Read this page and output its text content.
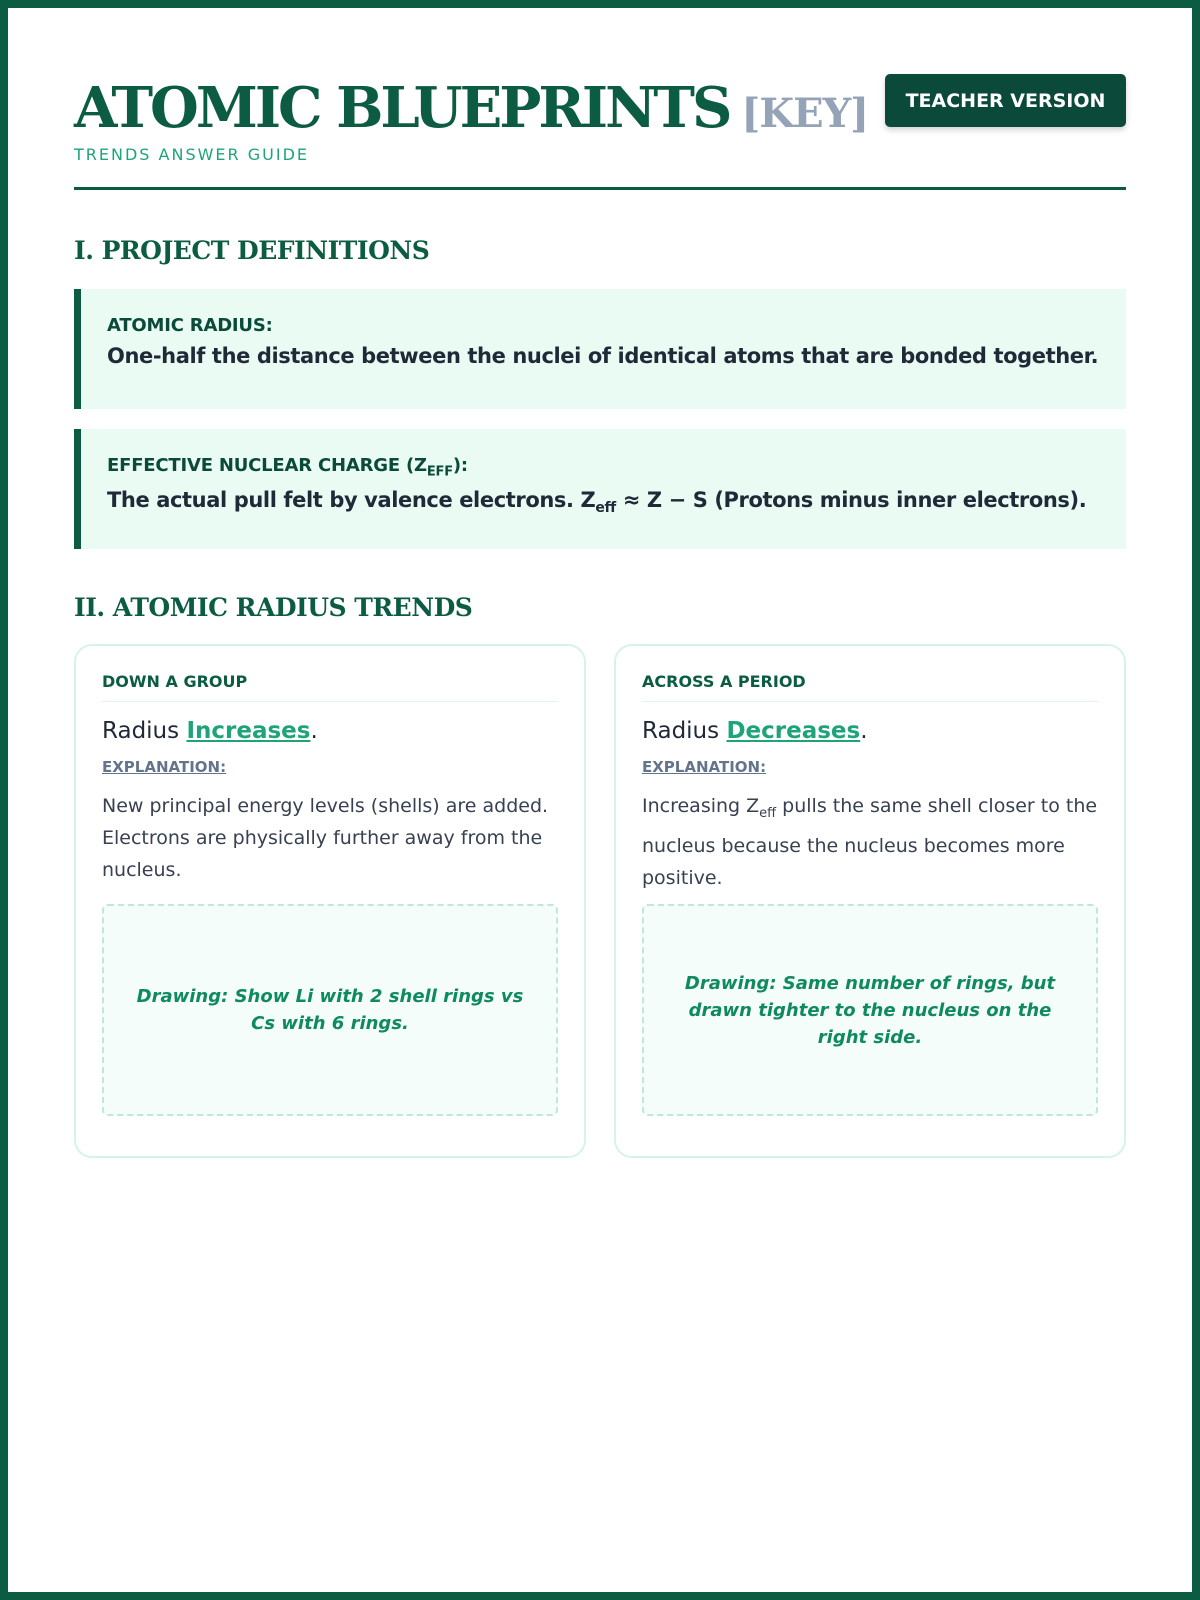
ATOMIC BLUEPRINTS [KEY]
TRENDS ANSWER GUIDE
TEACHER VERSION
I. PROJECT DEFINITIONS
ATOMIC RADIUS:
One-half the distance between the nuclei of identical atoms that are bonded together.
EFFECTIVE NUCLEAR CHARGE $(Z_{EFF})$:
The actual pull felt by valence electrons. $Z_{eff} \approx Z - S$ (Protons minus inner electrons).
II. ATOMIC RADIUS TRENDS
DOWN A GROUP
Radius Increases.
EXPLANATION:
New principal energy levels (shells) are added. Electrons are physically further away from the nucleus.
Drawing: Show Li with 2 shell rings vs Cs with 6 rings.
ACROSS A PERIOD
Radius Decreases.
EXPLANATION:
Increasing $Z_{eff}$ pulls the same shell closer to the nucleus because the nucleus becomes more positive.
Drawing: Same number of rings, but drawn tighter to the nucleus on the right side.
